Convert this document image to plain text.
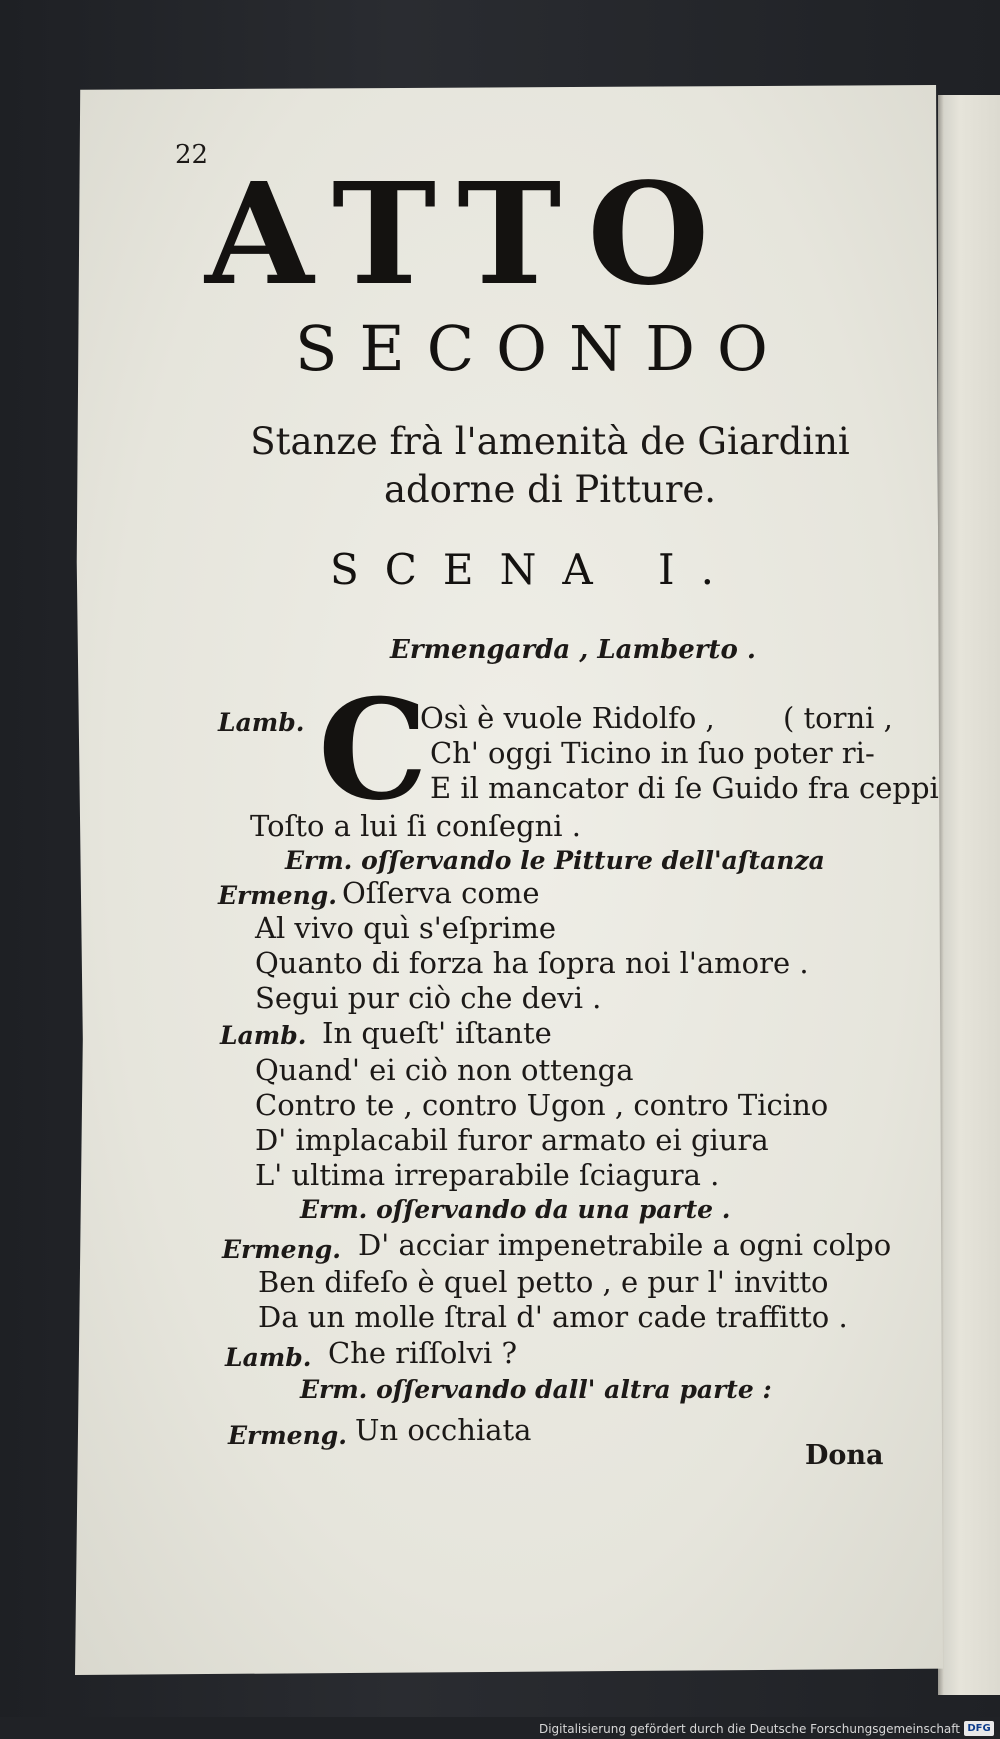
22
ATTO
SECONDO
Stanze frà l'amenità de Giardini
adorne di Pitture.
SCENA I.
Ermengarda , Lamberto .
Lamb. C
Osì è vuole Ridolfo , ( torni ,
Ch' oggi Ticino in ſuo poter ri-
E il mancator di ſe Guido fra ceppi
Toſto a lui ſi conſegni .
Erm. oſſervando le Pitture dell'aſtanza
Ermeng. Oſſerva come
Al vivo quì s'eſprime
Quanto di forza ha ſopra noi l'amore .
Segui pur ciò che devi .
Lamb. In queſt' iſtante
Quand' ei ciò non ottenga
Contro te , contro Ugon , contro Ticino
D' implacabil furor armato ei giura
L' ultima irreparabile ſciagura .
Erm. oſſervando da una parte .
Ermeng. D' acciar impenetrabile a ogni colpo
Ben difeſo è quel petto , e pur l' invitto
Da un molle ſtral d' amor cade traffitto .
Lamb. Che riſſolvi ?
Erm. oſſervando dall' altra parte :
Ermeng. Un occhiata
Dona
Digitalisierung gefördert durch die Deutsche Forschungsgemeinschaft DFG
